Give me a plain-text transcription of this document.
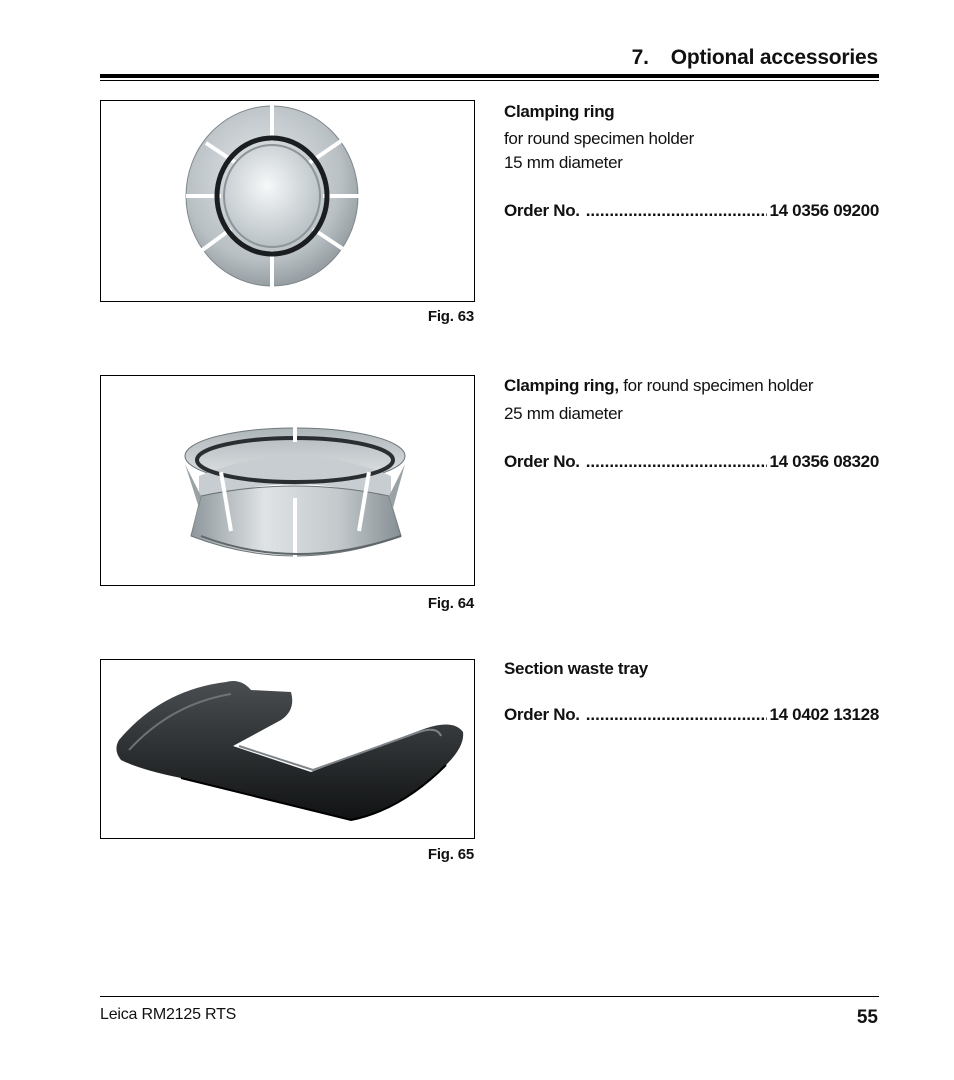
7. Optional accessories
Fig. 63
Clamping ring
for round specimen holder
15 mm diameter
Order No. .....	14 0356 09200
Fig. 64
Clamping ring, for round specimen holder
25 mm diameter
Order No. .....	14 0356 08320
Fig. 65
Section waste tray
Order No. .....	14 0402 13128
Leica RM2125 RTS	55
